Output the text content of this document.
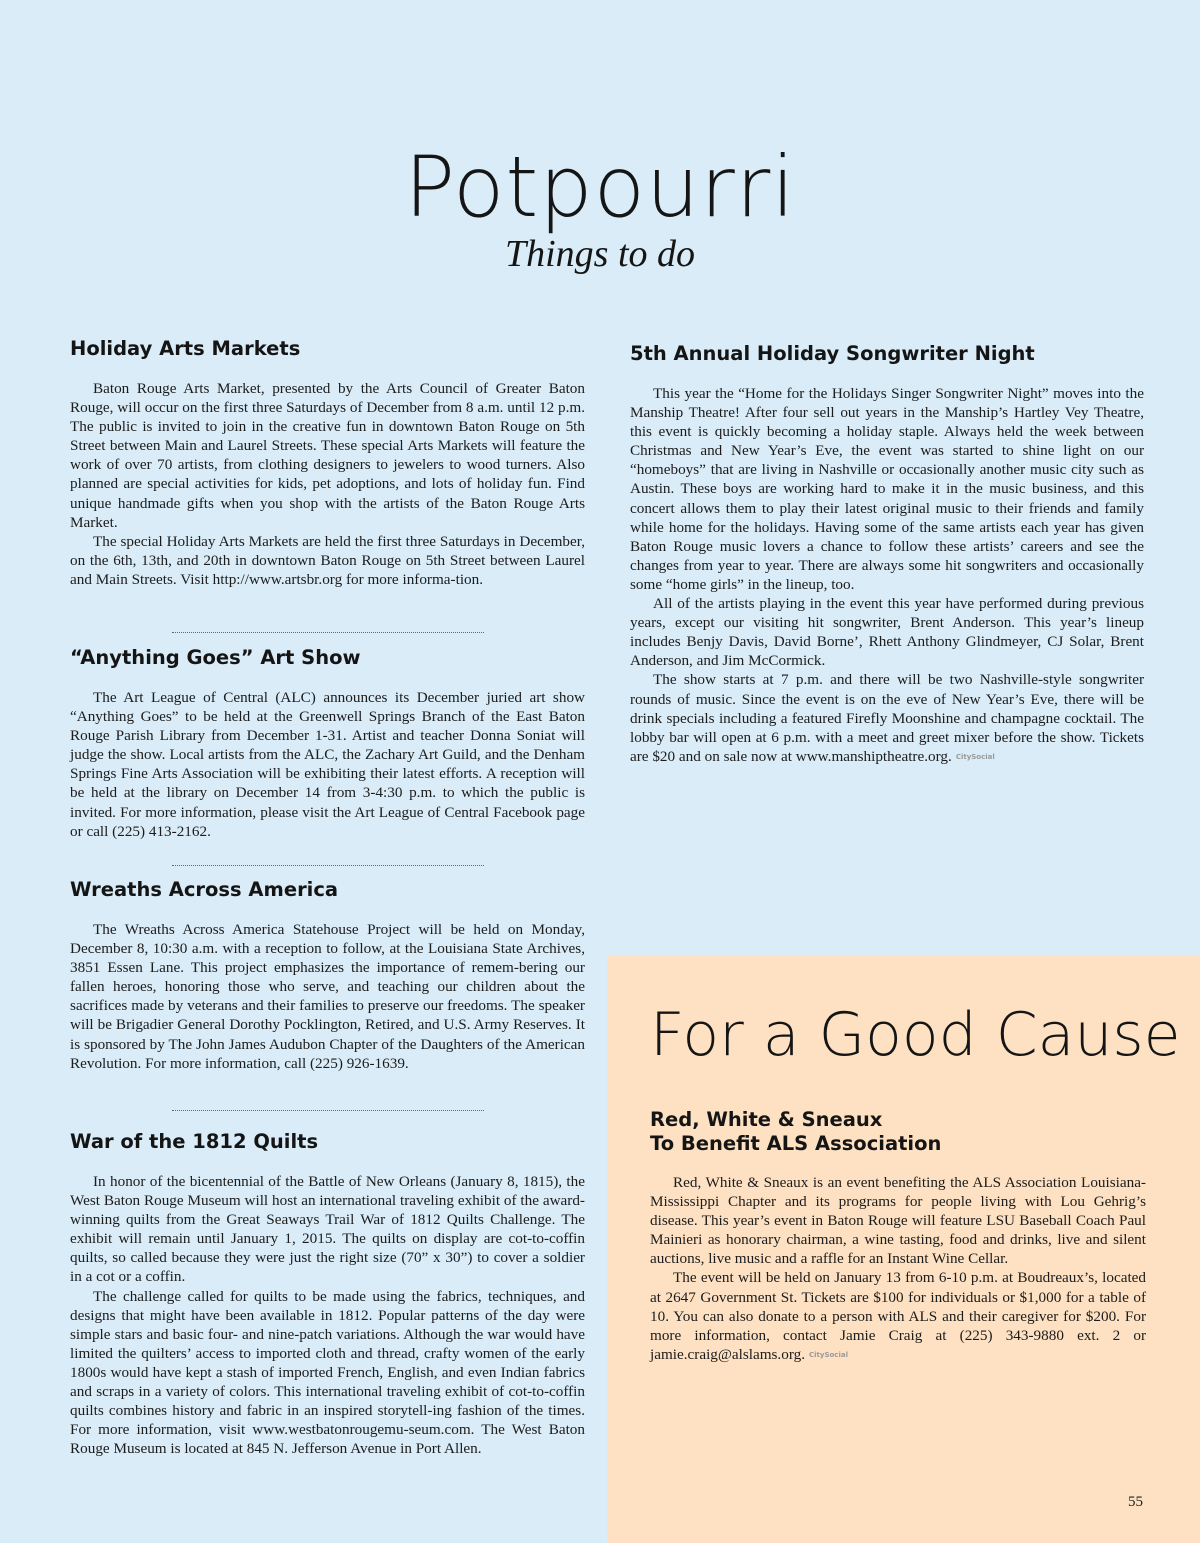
Potpourri
Things to do
Holiday Arts Markets

Baton Rouge Arts Market, presented by the Arts Council of Greater Baton Rouge, will occur on the first three Saturdays of December from 8 a.m. until 12 p.m. The public is invited to join in the creative fun in downtown Baton Rouge on 5th Street between Main and Laurel Streets. These special Arts Markets will feature the work of over 70 artists, from clothing designers to jewelers to wood turners. Also planned are special activities for kids, pet adoptions, and lots of holiday fun. Find unique handmade gifts when you shop with the artists of the Baton Rouge Arts Market.

The special Holiday Arts Markets are held the first three Saturdays in December, on the 6th, 13th, and 20th in downtown Baton Rouge on 5th Street between Laurel and Main Streets. Visit http://www.artsbr.org for more informa-tion.

“Anything Goes” Art Show

The Art League of Central (ALC) announces its December juried art show “Anything Goes” to be held at the Greenwell Springs Branch of the East Baton Rouge Parish Library from December 1-31. Artist and teacher Donna Soniat will judge the show. Local artists from the ALC, the Zachary Art Guild, and the Denham Springs Fine Arts Association will be exhibiting their latest efforts. A reception will be held at the library on December 14 from 3-4:30 p.m. to which the public is invited. For more information, please visit the Art League of Central Facebook page or call (225) 413-2162.

Wreaths Across America

The Wreaths Across America Statehouse Project will be held on Monday, December 8, 10:30 a.m. with a reception to follow, at the Louisiana State Archives, 3851 Essen Lane. This project emphasizes the importance of remem-bering our fallen heroes, honoring those who serve, and teaching our children about the sacrifices made by veterans and their families to preserve our freedoms. The speaker will be Brigadier General Dorothy Pocklington, Retired, and U.S. Army Reserves. It is sponsored by The John James Audubon Chapter of the Daughters of the American Revolution. For more information, call (225) 926-1639.

War of the 1812 Quilts

In honor of the bicentennial of the Battle of New Orleans (January 8, 1815), the West Baton Rouge Museum will host an international traveling exhibit of the award-winning quilts from the Great Seaways Trail War of 1812 Quilts Challenge. The exhibit will remain until January 1, 2015. The quilts on display are cot-to-coffin quilts, so called because they were just the right size (70” x 30”) to cover a soldier in a cot or a coffin.

The challenge called for quilts to be made using the fabrics, techniques, and designs that might have been available in 1812. Popular patterns of the day were simple stars and basic four- and nine-patch variations. Although the war would have limited the quilters’ access to imported cloth and thread, crafty women of the early 1800s would have kept a stash of imported French, English, and even Indian fabrics and scraps in a variety of colors. This international traveling exhibit of cot-to-coffin quilts combines history and fabric in an inspired storytell-ing fashion of the times. For more information, visit www.westbatonrougemu-seum.com. The West Baton Rouge Museum is located at 845 N. Jefferson Avenue in Port Allen.

5th Annual Holiday Songwriter Night

This year the “Home for the Holidays Singer Songwriter Night” moves into the Manship Theatre! After four sell out years in the Manship’s Hartley Vey Theatre, this event is quickly becoming a holiday staple. Always held the week between Christmas and New Year’s Eve, the event was started to shine light on our “homeboys” that are living in Nashville or occasionally another music city such as Austin. These boys are working hard to make it in the music business, and this concert allows them to play their latest original music to their friends and family while home for the holidays. Having some of the same artists each year has given Baton Rouge music lovers a chance to follow these artists’ careers and see the changes from year to year. There are always some hit songwriters and occasionally some “home girls” in the lineup, too.

All of the artists playing in the event this year have performed during previous years, except our visiting hit songwriter, Brent Anderson. This year’s lineup includes Benjy Davis, David Borne’, Rhett Anthony Glindmeyer, CJ Solar, Brent Anderson, and Jim McCormick.

The show starts at 7 p.m. and there will be two Nashville-style songwriter rounds of music. Since the event is on the eve of New Year’s Eve, there will be drink specials including a featured Firefly Moonshine and champagne cocktail. The lobby bar will open at 6 p.m. with a meet and greet mixer before the show. Tickets are $20 and on sale now at www.manshiptheatre.org. CitySocial

For a Good Cause
Red, White & Sneaux
To Benefit ALS Association

Red, White & Sneaux is an event benefiting the ALS Association Louisiana-Mississippi Chapter and its programs for people living with Lou Gehrig’s disease. This year’s event in Baton Rouge will feature LSU Baseball Coach Paul Mainieri as honorary chairman, a wine tasting, food and drinks, live and silent auctions, live music and a raffle for an Instant Wine Cellar.

The event will be held on January 13 from 6-10 p.m. at Boudreaux’s, located at 2647 Government St. Tickets are $100 for individuals or $1,000 for a table of 10. You can also donate to a person with ALS and their caregiver for $200. For more information, contact Jamie Craig at (225) 343-9880 ext. 2 or jamie.craig@alslams.org. CitySocial

55
